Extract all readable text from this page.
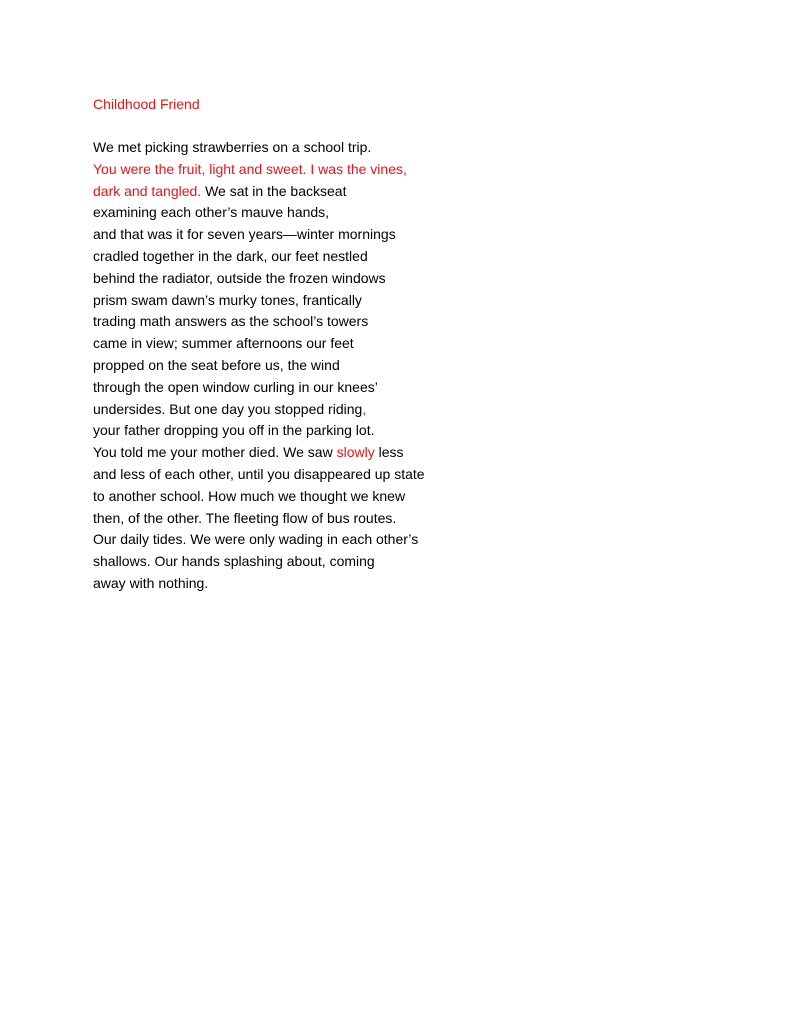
Childhood Friend
We met picking strawberries on a school trip.
You were the fruit, light and sweet. I was the vines,
dark and tangled. We sat in the backseat
examining each other’s mauve hands,
and that was it for seven years—winter mornings
cradled together in the dark, our feet nestled
behind the radiator, outside the frozen windows
prism swam dawn’s murky tones, frantically
trading math answers as the school’s towers
came in view; summer afternoons our feet
propped on the seat before us, the wind
through the open window curling in our knees’
undersides. But one day you stopped riding,
your father dropping you off in the parking lot.
You told me your mother died. We saw slowly less
and less of each other, until you disappeared up state
to another school. How much we thought we knew
then, of the other. The fleeting flow of bus routes.
Our daily tides. We were only wading in each other’s
shallows. Our hands splashing about, coming
away with nothing.
